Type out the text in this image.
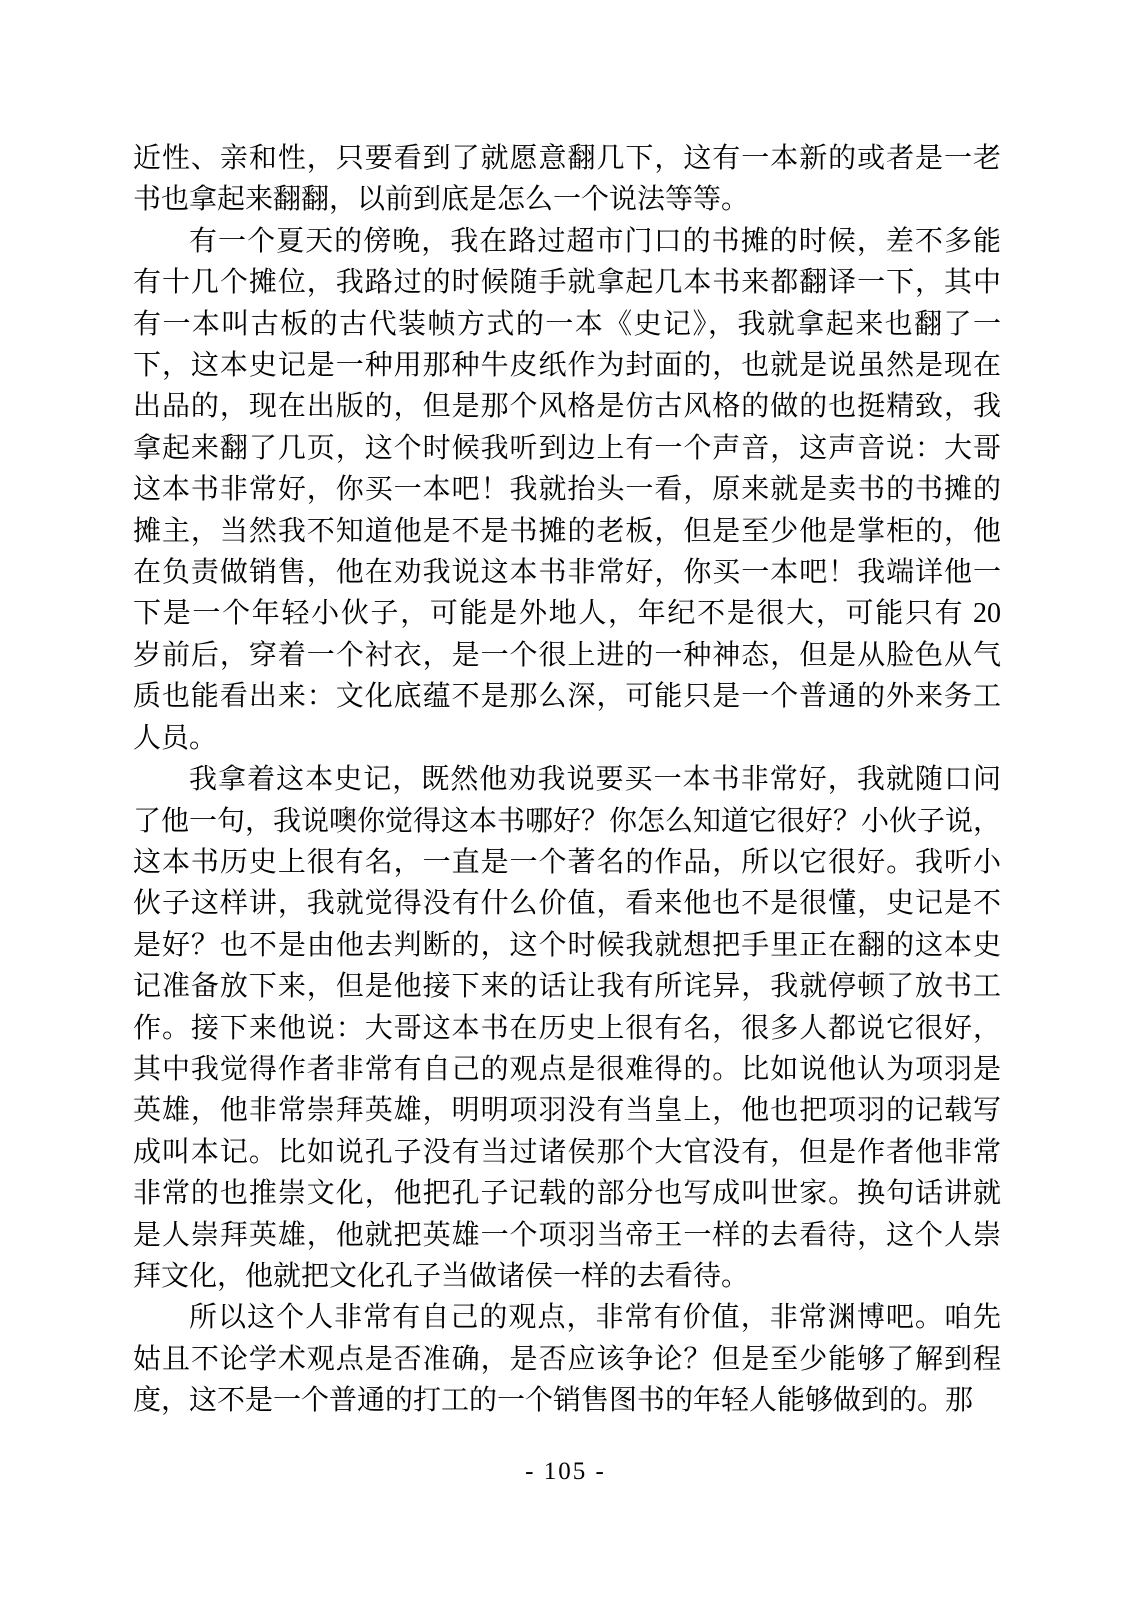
近性、亲和性，只要看到了就愿意翻几下，这有一本新的或者是一老
书也拿起来翻翻，以前到底是怎么一个说法等等。
有一个夏天的傍晚，我在路过超市门口的书摊的时候，差不多能
有十几个摊位，我路过的时候随手就拿起几本书来都翻译一下，其中
有一本叫古板的古代装帧方式的一本《史记》，我就拿起来也翻了一
下，这本史记是一种用那种牛皮纸作为封面的，也就是说虽然是现在
出品的，现在出版的，但是那个风格是仿古风格的做的也挺精致，我
拿起来翻了几页，这个时候我听到边上有一个声音，这声音说：大哥
这本书非常好，你买一本吧！我就抬头一看，原来就是卖书的书摊的
摊主，当然我不知道他是不是书摊的老板，但是至少他是掌柜的，他
在负责做销售，他在劝我说这本书非常好，你买一本吧！我端详他一
下是一个年轻小伙子，可能是外地人，年纪不是很大，可能只有 20
岁前后，穿着一个衬衣，是一个很上进的一种神态，但是从脸色从气
质也能看出来：文化底蕴不是那么深，可能只是一个普通的外来务工
人员。
我拿着这本史记，既然他劝我说要买一本书非常好，我就随口问
了他一句，我说噢你觉得这本书哪好？你怎么知道它很好？小伙子说，
这本书历史上很有名，一直是一个著名的作品，所以它很好。我听小
伙子这样讲，我就觉得没有什么价值，看来他也不是很懂，史记是不
是好？也不是由他去判断的，这个时候我就想把手里正在翻的这本史
记准备放下来，但是他接下来的话让我有所诧异，我就停顿了放书工
作。接下来他说：大哥这本书在历史上很有名，很多人都说它很好，
其中我觉得作者非常有自己的观点是很难得的。比如说他认为项羽是
英雄，他非常崇拜英雄，明明项羽没有当皇上，他也把项羽的记载写
成叫本记。比如说孔子没有当过诸侯那个大官没有，但是作者他非常
非常的也推崇文化，他把孔子记载的部分也写成叫世家。换句话讲就
是人崇拜英雄，他就把英雄一个项羽当帝王一样的去看待，这个人崇
拜文化，他就把文化孔子当做诸侯一样的去看待。
所以这个人非常有自己的观点，非常有价值，非常渊博吧。咱先
姑且不论学术观点是否准确，是否应该争论？但是至少能够了解到程
度，这不是一个普通的打工的一个销售图书的年轻人能够做到的。那
- 105 -
